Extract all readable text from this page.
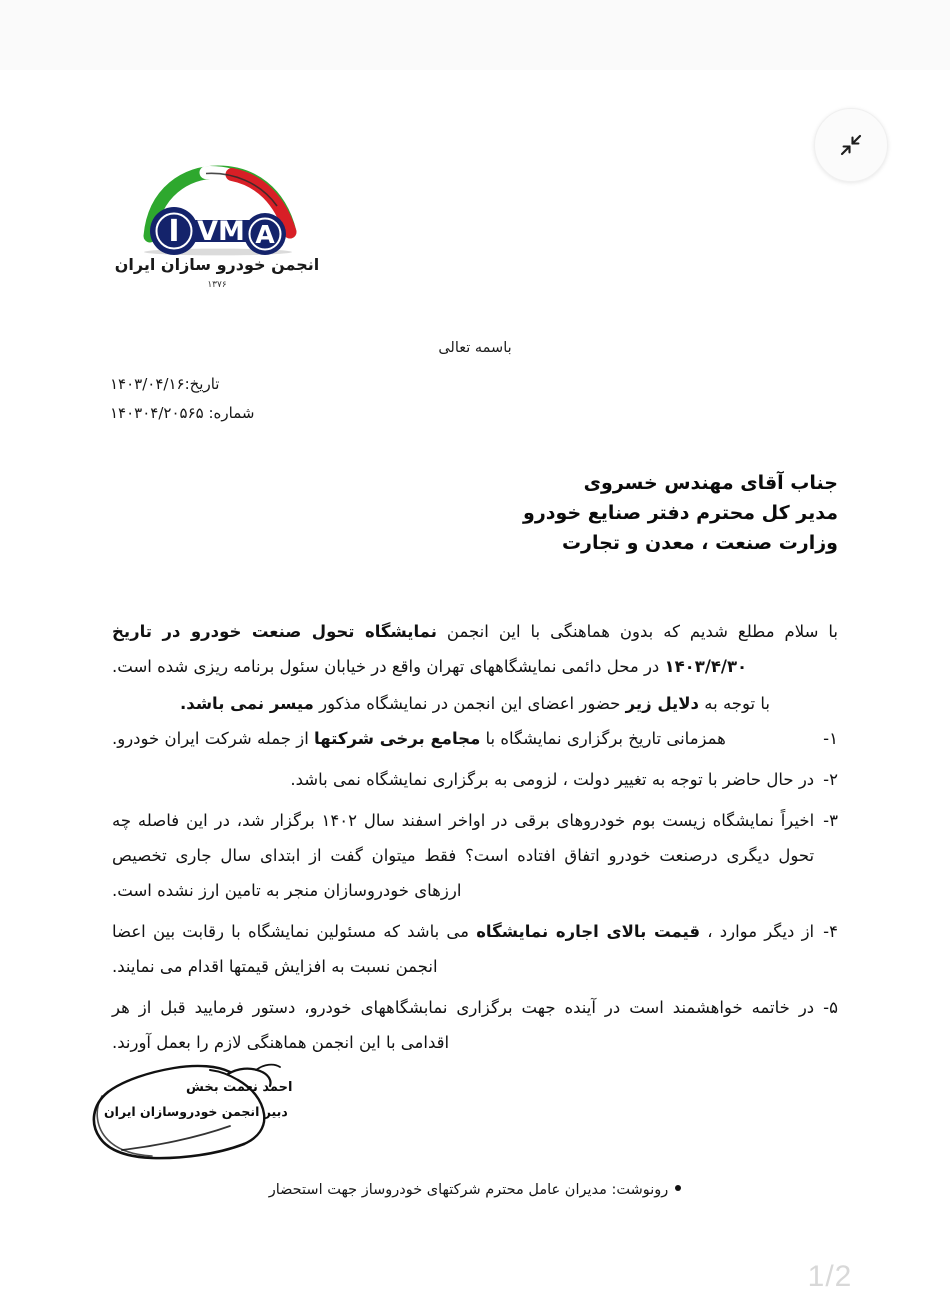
I VM A
انجمن خودرو سازان ایران
۱۳۷۶
باسمه تعالی
تاریخ:۱۴۰۳/۰۴/۱۶
شماره: ۱۴۰۳۰۴/۲۰۵۶۵
جناب آقای مهندس خسروی
مدیر کل محترم دفتر صنایع خودرو
وزارت صنعت ، معدن و تجارت

با سلام مطلع شدیم که بدون هماهنگی با این انجمن نمایشگاه تحول صنعت خودرو در تاریخ ۱۴۰۳/۴/۳۰ در محل دائمی نمایشگاههای تهران واقع در خیابان سئول برنامه ریزی شده است.

با توجه به دلایل زیر حضور اعضای این انجمن در نمایشگاه مذکور میسر نمی باشد.

۱-
همزمانی تاریخ برگزاری نمایشگاه با مجامع برخی شرکتها از جمله شرکت ایران خودرو.
۲-
در حال حاضر با توجه به تغییر دولت ، لزومی به برگزاری نمایشگاه نمی باشد.
۳-
اخیراً نمایشگاه زیست بوم خودروهای برقی در اواخر اسفند سال ۱۴۰۲ برگزار شد، در این فاصله چه تحول دیگری درصنعت خودرو اتفاق افتاده است؟ فقط میتوان گفت از ابتدای سال جاری تخصیص ارزهای خودروسازان منجر به تامین ارز نشده است.
۴-
از دیگر موارد ، قیمت بالای اجاره نمایشگاه می باشد که مسئولین نمایشگاه با رقابت بین اعضا انجمن نسبت به افزایش قیمتها اقدام می نمایند.
۵-
در خاتمه خواهشمند است در آینده جهت برگزاری نمابشگاههای خودرو، دستور فرمایید قبل از هر اقدامی با این انجمن هماهنگی لازم را بعمل آورند.
احمد نعمت بخش
دبیر انجمن خودروسازان ایران
رونوشت: مدیران عامل محترم شرکتهای خودروساز جهت استحضار
1/2
